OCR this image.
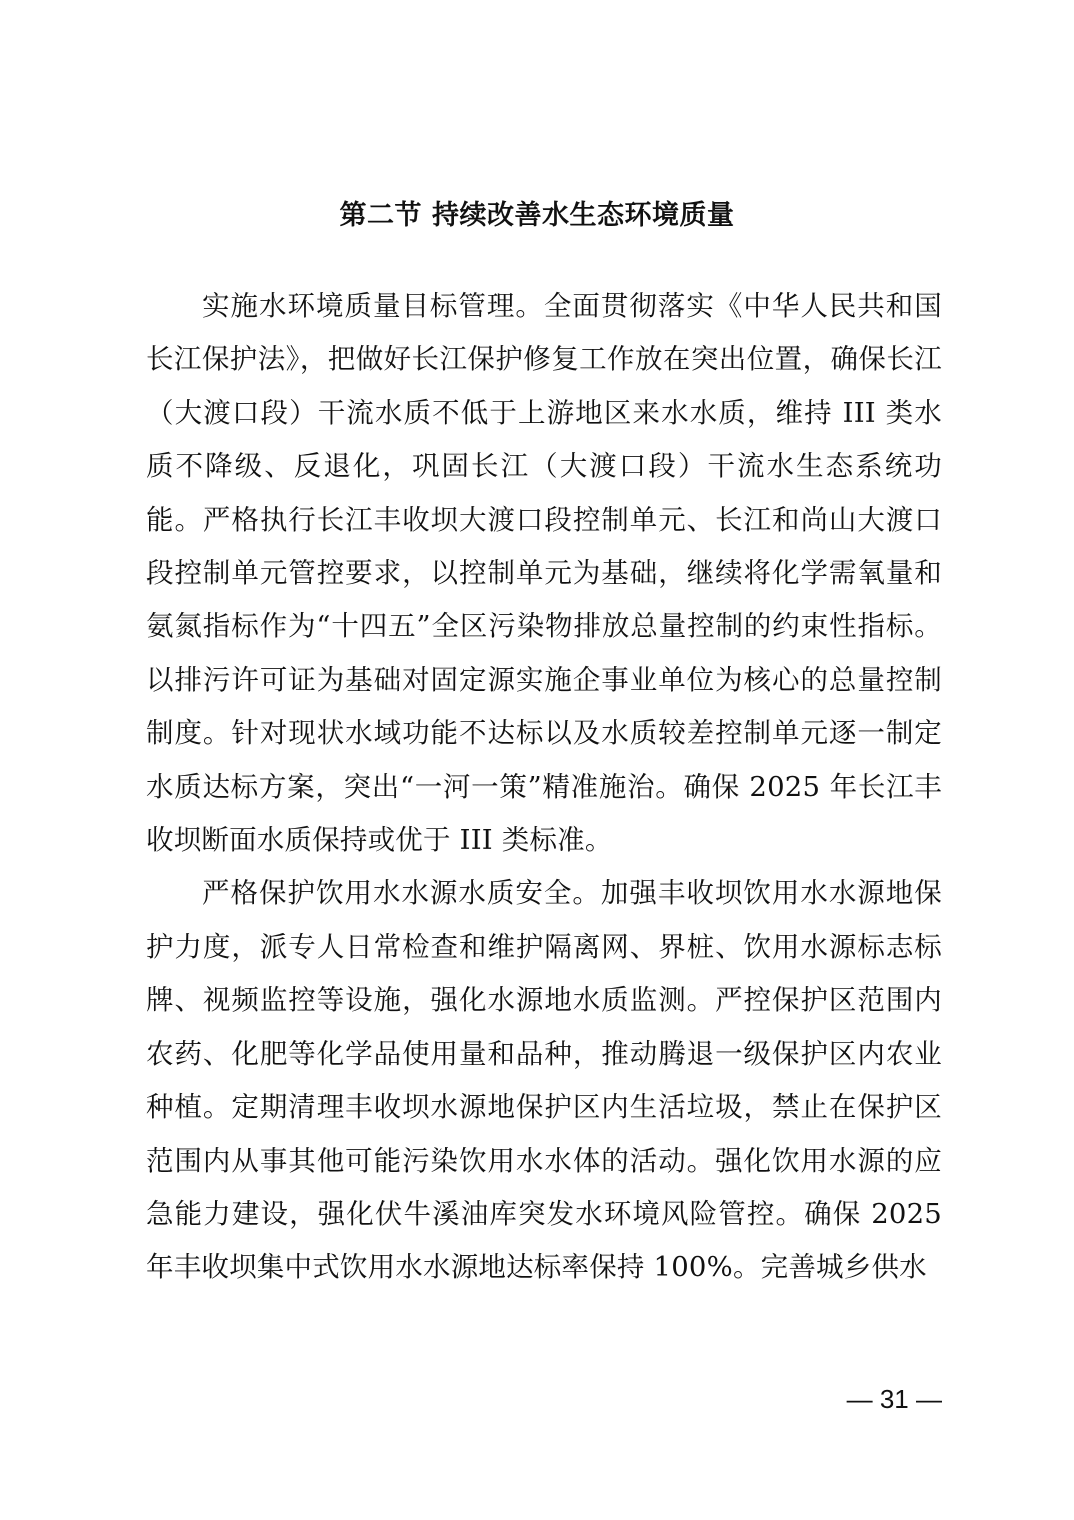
第二节 持续改善水生态环境质量

实施水环境质量目标管理。全面贯彻落实《中华人民共和国长江保护法》，把做好长江保护修复工作放在突出位置，确保长江（大渡口段）干流水质不低于上游地区来水水质，维持 III 类水质不降级、反退化，巩固长江（大渡口段）干流水生态系统功能。严格执行长江丰收坝大渡口段控制单元、长江和尚山大渡口段控制单元管控要求，以控制单元为基础，继续将化学需氧量和氨氮指标作为“十四五”全区污染物排放总量控制的约束性指标。以排污许可证为基础对固定源实施企事业单位为核心的总量控制制度。针对现状水域功能不达标以及水质较差控制单元逐一制定水质达标方案，突出“一河一策”精准施治。确保 2025 年长江丰收坝断面水质保持或优于 III 类标准。

严格保护饮用水水源水质安全。加强丰收坝饮用水水源地保护力度，派专人日常检查和维护隔离网、界桩、饮用水源标志标牌、视频监控等设施，强化水源地水质监测。严控保护区范围内农药、化肥等化学品使用量和品种，推动腾退一级保护区内农业种植。定期清理丰收坝水源地保护区内生活垃圾，禁止在保护区范围内从事其他可能污染饮用水水体的活动。强化饮用水源的应急能力建设，强化伏牛溪油库突发水环境风险管控。确保 2025 年丰收坝集中式饮用水水源地达标率保持 100%。完善城乡供水

— 31 —
